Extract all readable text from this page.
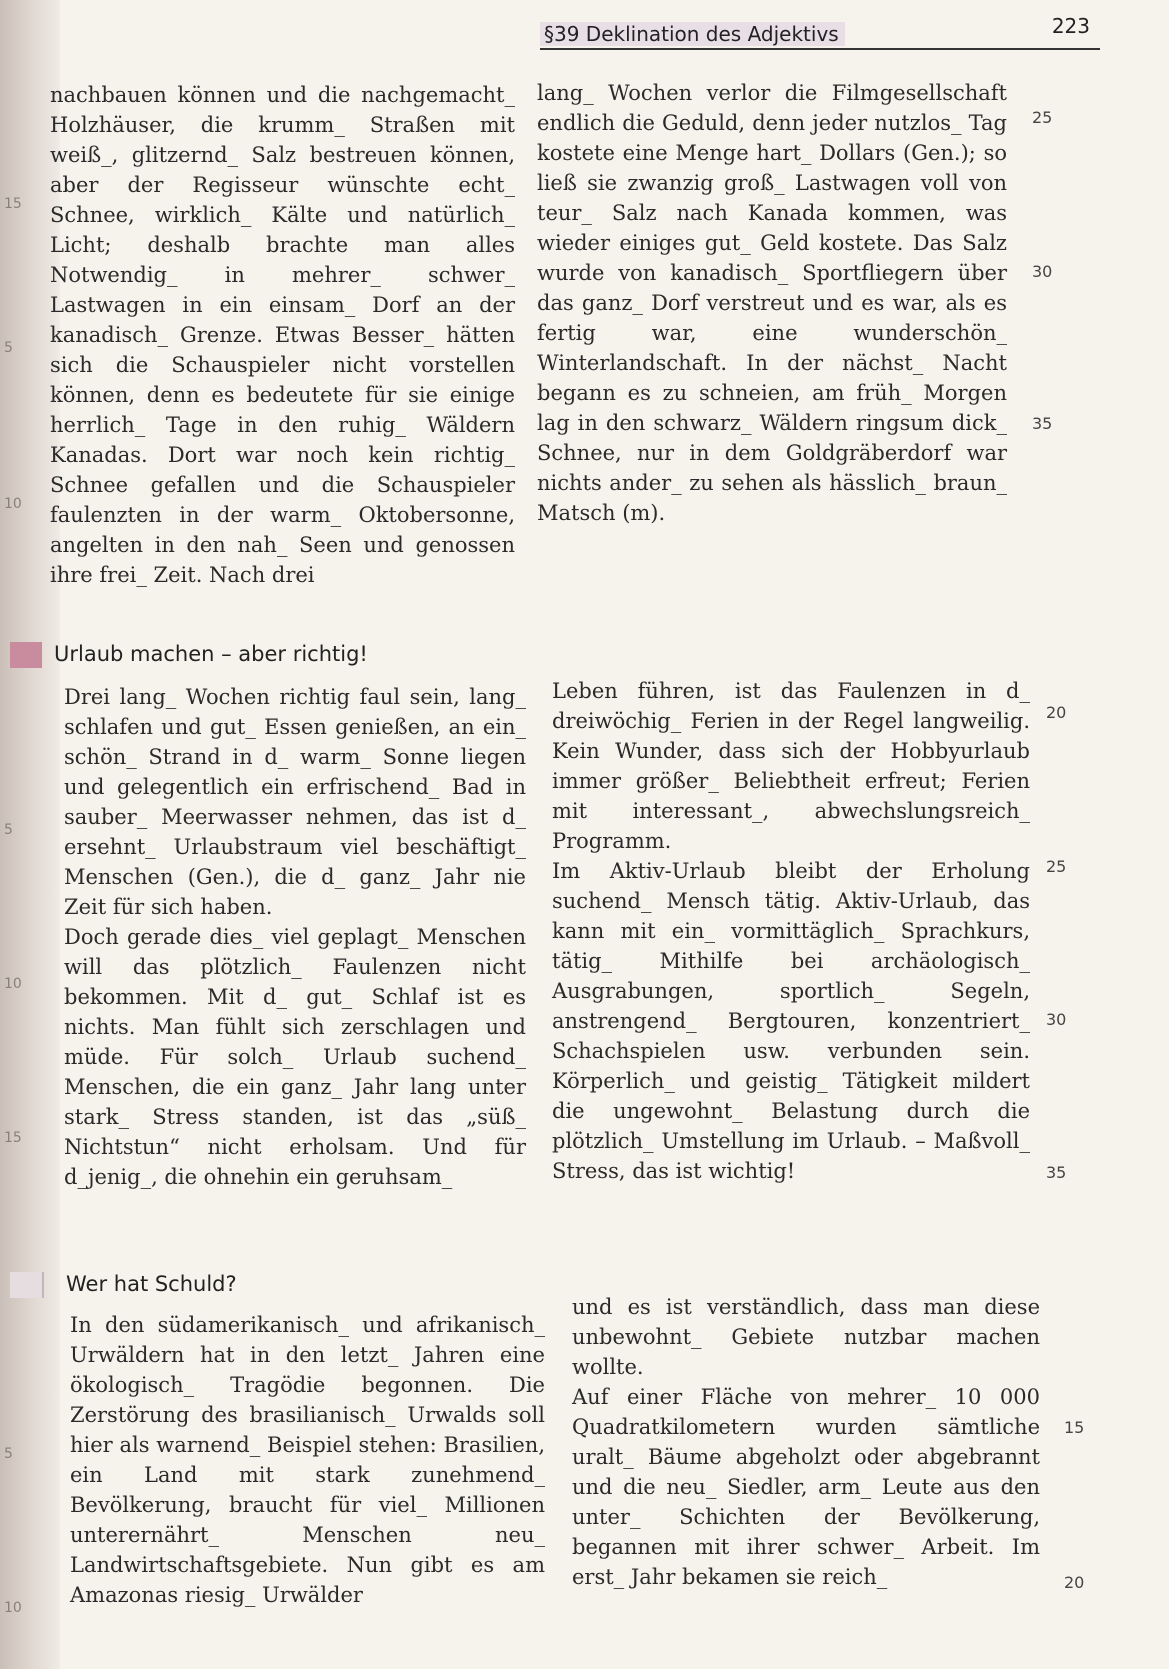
§39 Deklination des Adjektivs	223

nachbauen können und die nachgemacht_ Holzhäuser, die krumm_ Straßen mit weiß_, glitzernd_ Salz bestreuen können, aber der Regisseur wünschte echt_ Schnee, wirklich_ Kälte und natürlich_ Licht; deshalb brachte man alles Notwendig_ in mehrer_ schwer_ Lastwagen in ein einsam_ Dorf an der kanadisch_ Grenze. Etwas Besser_ hätten sich die Schauspieler nicht vorstellen können, denn es bedeutete für sie einige herrlich_ Tage in den ruhig_ Wäldern Kanadas. Dort war noch kein richtig_ Schnee gefallen und die Schauspieler faulenzten in der warm_ Oktobersonne, angelten in den nah_ Seen und genossen ihre frei_ Zeit. Nach drei

lang_ Wochen verlor die Filmgesellschaft endlich die Geduld, denn jeder nutzlos_ Tag kostete eine Menge hart_ Dollars (Gen.); so ließ sie zwanzig groß_ Lastwagen voll von teur_ Salz nach Kanada kommen, was wieder einiges gut_ Geld kostete. Das Salz wurde von kanadisch_ Sportfliegern über das ganz_ Dorf verstreut und es war, als es fertig war, eine wunderschön_ Winterlandschaft. In der nächst_ Nacht begann es zu schneien, am früh_ Morgen lag in den schwarz_ Wäldern ringsum dick_ Schnee, nur in dem Goldgräberdorf war nichts ander_ zu sehen als hässlich_ braun_ Matsch (m).

25
30
35
Urlaub machen – aber richtig!

Drei lang_ Wochen richtig faul sein, lang_ schlafen und gut_ Essen genießen, an ein_ schön_ Strand in d_ warm_ Sonne liegen und gelegentlich ein erfrischend_ Bad in sauber_ Meerwasser nehmen, das ist d_ ersehnt_ Urlaubstraum viel beschäftigt_ Menschen (Gen.), die d_ ganz_ Jahr nie Zeit für sich haben.

Doch gerade dies_ viel geplagt_ Menschen will das plötzlich_ Faulenzen nicht bekommen. Mit d_ gut_ Schlaf ist es nichts. Man fühlt sich zerschlagen und müde. Für solch_ Urlaub suchend_ Menschen, die ein ganz_ Jahr lang unter stark_ Stress standen, ist das „süß_ Nichtstun“ nicht erholsam. Und für d_jenig_, die ohnehin ein geruhsam_

Leben führen, ist das Faulenzen in d_ dreiwöchig_ Ferien in der Regel langweilig. Kein Wunder, dass sich der Hobbyurlaub immer größer_ Beliebtheit erfreut; Ferien mit interessant_, abwechslungsreich_ Programm.

Im Aktiv-Urlaub bleibt der Erholung suchend_ Mensch tätig. Aktiv-Urlaub, das kann mit ein_ vormittäglich_ Sprachkurs, tätig_ Mithilfe bei archäologisch_ Ausgrabungen, sportlich_ Segeln, anstrengend_ Bergtouren, konzentriert_ Schachspielen usw. verbunden sein. Körperlich_ und geistig_ Tätigkeit mildert die ungewohnt_ Belastung durch die plötzlich_ Umstellung im Urlaub. – Maßvoll_ Stress, das ist wichtig!

20
25
30
35
Wer hat Schuld?

In den südamerikanisch_ und afrikanisch_ Urwäldern hat in den letzt_ Jahren eine ökologisch_ Tragödie begonnen. Die Zerstörung des brasilianisch_ Urwalds soll hier als warnend_ Beispiel stehen: Brasilien, ein Land mit stark zunehmend_ Bevölkerung, braucht für viel_ Millionen unterernährt_ Menschen neu_ Landwirtschaftsgebiete. Nun gibt es am Amazonas riesig_ Urwälder

und es ist verständlich, dass man diese unbewohnt_ Gebiete nutzbar machen wollte.

Auf einer Fläche von mehrer_ 10 000 Quadratkilometern wurden sämtliche uralt_ Bäume abgeholzt oder abgebrannt und die neu_ Siedler, arm_ Leute aus den unter_ Schichten der Bevölkerung, begannen mit ihrer schwer_ Arbeit. Im erst_ Jahr bekamen sie reich_

15
20
5
10
15
5
10
15
5
10
